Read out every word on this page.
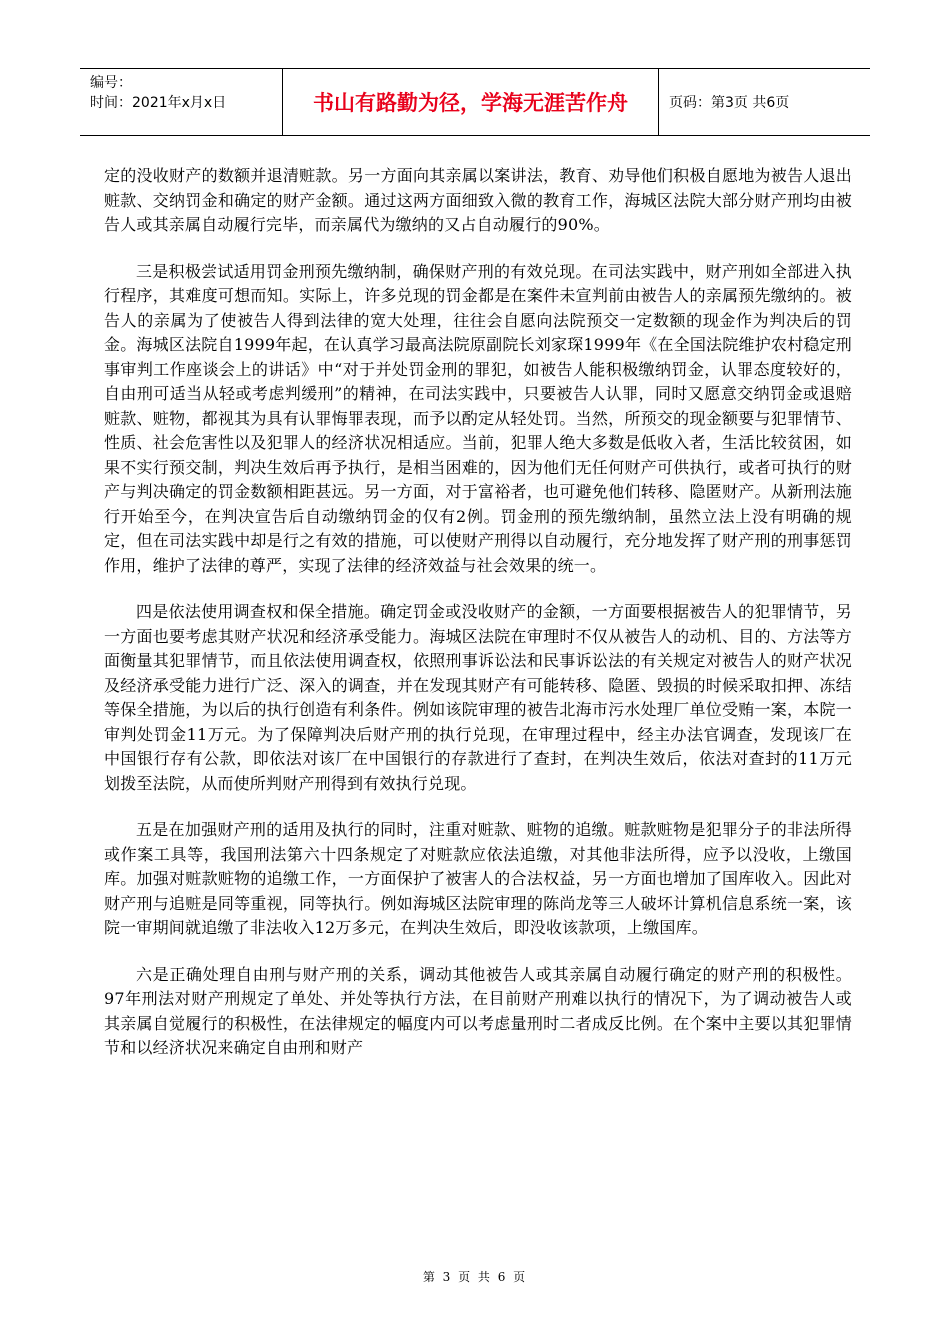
编号：
时间：2021年x月x日	书山有路勤为径，学海无涯苦作舟	页码：第3页 共6页

定的没收财产的数额并退清赃款。另一方面向其亲属以案讲法，教育、劝导他们积极自愿地为被告人退出赃款、交纳罚金和确定的财产金额。通过这两方面细致入微的教育工作，海城区法院大部分财产刑均由被告人或其亲属自动履行完毕，而亲属代为缴纳的又占自动履行的90%。

三是积极尝试适用罚金刑预先缴纳制，确保财产刑的有效兑现。在司法实践中，财产刑如全部进入执行程序，其难度可想而知。实际上，许多兑现的罚金都是在案件未宣判前由被告人的亲属预先缴纳的。被告人的亲属为了使被告人得到法律的宽大处理，往往会自愿向法院预交一定数额的现金作为判决后的罚金。海城区法院自1999年起，在认真学习最高法院原副院长刘家琛1999年《在全国法院维护农村稳定刑事审判工作座谈会上的讲话》中“对于并处罚金刑的罪犯，如被告人能积极缴纳罚金，认罪态度较好的，自由刑可适当从轻或考虑判缓刑”的精神，在司法实践中，只要被告人认罪，同时又愿意交纳罚金或退赔赃款、赃物，都视其为具有认罪悔罪表现，而予以酌定从轻处罚。当然，所预交的现金额要与犯罪情节、性质、社会危害性以及犯罪人的经济状况相适应。当前，犯罪人绝大多数是低收入者，生活比较贫困，如果不实行预交制，判决生效后再予执行，是相当困难的，因为他们无任何财产可供执行，或者可执行的财产与判决确定的罚金数额相距甚远。另一方面，对于富裕者，也可避免他们转移、隐匿财产。从新刑法施行开始至今，在判决宣告后自动缴纳罚金的仅有2例。罚金刑的预先缴纳制，虽然立法上没有明确的规定，但在司法实践中却是行之有效的措施，可以使财产刑得以自动履行，充分地发挥了财产刑的刑事惩罚作用，维护了法律的尊严，实现了法律的经济效益与社会效果的统一。

四是依法使用调查权和保全措施。确定罚金或没收财产的金额，一方面要根据被告人的犯罪情节，另一方面也要考虑其财产状况和经济承受能力。海城区法院在审理时不仅从被告人的动机、目的、方法等方面衡量其犯罪情节，而且依法使用调查权，依照刑事诉讼法和民事诉讼法的有关规定对被告人的财产状况及经济承受能力进行广泛、深入的调查，并在发现其财产有可能转移、隐匿、毁损的时候采取扣押、冻结等保全措施，为以后的执行创造有利条件。例如该院审理的被告北海市污水处理厂单位受贿一案，本院一审判处罚金11万元。为了保障判决后财产刑的执行兑现，在审理过程中，经主办法官调查，发现该厂在中国银行存有公款，即依法对该厂在中国银行的存款进行了查封，在判决生效后，依法对查封的11万元划拨至法院，从而使所判财产刑得到有效执行兑现。

五是在加强财产刑的适用及执行的同时，注重对赃款、赃物的追缴。赃款赃物是犯罪分子的非法所得或作案工具等，我国刑法第六十四条规定了对赃款应依法追缴，对其他非法所得，应予以没收，上缴国库。加强对赃款赃物的追缴工作，一方面保护了被害人的合法权益，另一方面也增加了国库收入。因此对财产刑与追赃是同等重视，同等执行。例如海城区法院审理的陈尚龙等三人破坏计算机信息系统一案，该院一审期间就追缴了非法收入12万多元，在判决生效后，即没收该款项，上缴国库。

六是正确处理自由刑与财产刑的关系，调动其他被告人或其亲属自动履行确定的财产刑的积极性。97年刑法对财产刑规定了单处、并处等执行方法，在目前财产刑难以执行的情况下，为了调动被告人或其亲属自觉履行的积极性，在法律规定的幅度内可以考虑量刑时二者成反比例。在个案中主要以其犯罪情节和以经济状况来确定自由刑和财产

第 3 页 共 6 页
